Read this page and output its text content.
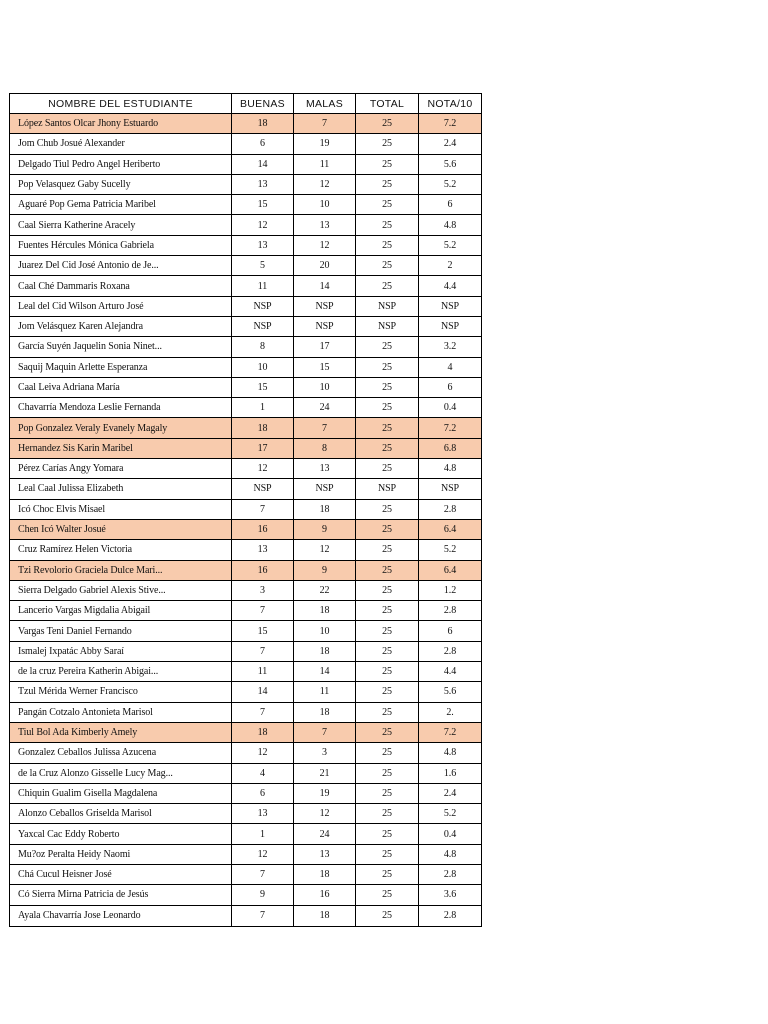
NOMBRE DEL ESTUDIANTE	BUENAS	MALAS	TOTAL	NOTA/10
López Santos Olcar Jhony Estuardo	18	7	25	7.2
Jom Chub Josué Alexander	6	19	25	2.4
Delgado Tiul Pedro Angel Heriberto	14	11	25	5.6
Pop Velasquez Gaby Sucelly	13	12	25	5.2
Aguaré Pop Gema Patricia Maribel	15	10	25	6
Caal Sierra Katherine Aracely	12	13	25	4.8
Fuentes Hércules Mónica Gabriela	13	12	25	5.2
Juarez Del Cid José Antonio de Je...	5	20	25	2
Caal Ché Dammaris Roxana	11	14	25	4.4
Leal del Cid Wilson Arturo José	NSP	NSP	NSP	NSP
Jom Velásquez Karen Alejandra	NSP	NSP	NSP	NSP
García Suyén Jaquelin Sonia Ninet...	8	17	25	3.2
Saquij Maquin Arlette Esperanza	10	15	25	4
Caal Leiva Adriana María	15	10	25	6
Chavarría Mendoza Leslie Fernanda	1	24	25	0.4
Pop Gonzalez Veraly Evanely Magaly	18	7	25	7.2
Hernandez Sis Karin Maribel	17	8	25	6.8
Pérez Carías Angy Yomara	12	13	25	4.8
Leal Caal Julissa Elizabeth	NSP	NSP	NSP	NSP
Icó Choc Elvis Misael	7	18	25	2.8
Chen Icó Walter Josué	16	9	25	6.4
Cruz Ramírez Helen Victoria	13	12	25	5.2
Tzi Revolorio Graciela Dulce Mari...	16	9	25	6.4
Sierra Delgado Gabriel Alexis Stive...	3	22	25	1.2
Lancerio Vargas Migdalia Abigail	7	18	25	2.8
Vargas Teni Daniel Fernando	15	10	25	6
Ismalej Ixpatác Abby Saraí	7	18	25	2.8
de la cruz Pereira Katherin Abigai...	11	14	25	4.4
Tzul Mérida Werner Francisco	14	11	25	5.6
Pangán Cotzalo Antonieta Marisol	7	18	25	2.
Tiul Bol Ada Kimberly Amely	18	7	25	7.2
Gonzalez Ceballos Julissa Azucena	12	3	25	4.8
de la Cruz Alonzo Gisselle Lucy Mag...	4	21	25	1.6
Chiquin Gualim Gisella Magdalena	6	19	25	2.4
Alonzo Ceballos Griselda Marisol	13	12	25	5.2
Yaxcal Cac Eddy Roberto	1	24	25	0.4
Mu?oz Peralta Heidy Naomi	12	13	25	4.8
Chá Cucul Heisner José	7	18	25	2.8
Có Sierra Mirna Patricia de Jesús	9	16	25	3.6
Ayala Chavarría Jose Leonardo	7	18	25	2.8
